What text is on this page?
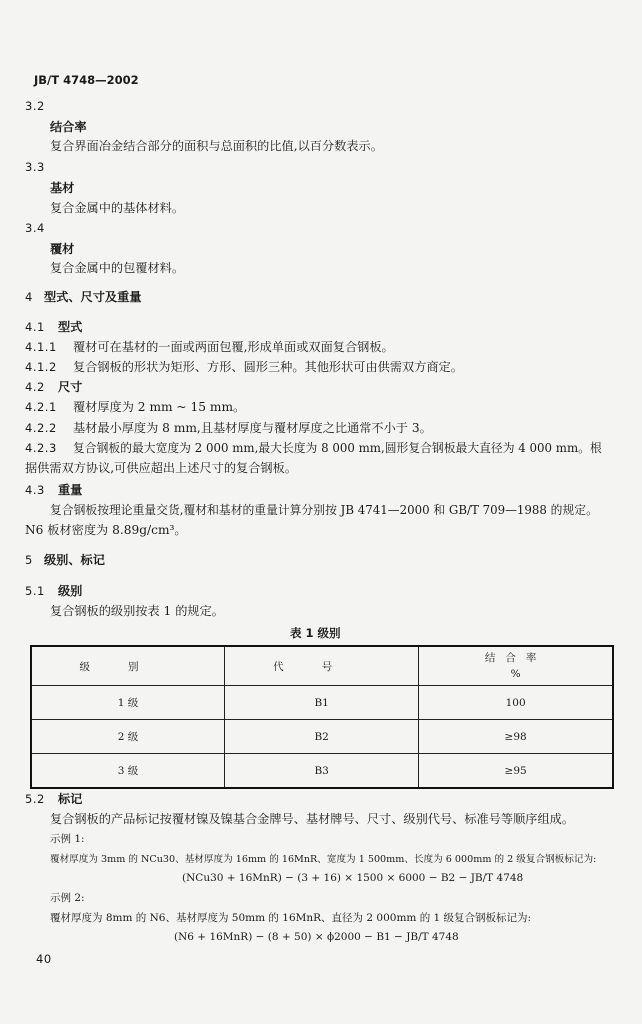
JB/T 4748—2002
3.2
结合率
复合界面冶金结合部分的面积与总面积的比值,以百分数表示。
3.3
基材
复合金属中的基体材料。
3.4
覆材
复合金属中的包覆材料。
4 型式、尺寸及重量
4.1 型式
4.1.1 覆材可在基材的一面或两面包覆,形成单面或双面复合钢板。
4.1.2 复合钢板的形状为矩形、方形、圆形三种。其他形状可由供需双方商定。
4.2 尺寸
4.2.1 覆材厚度为 2 mm ~ 15 mm。
4.2.2 基材最小厚度为 8 mm,且基材厚度与覆材厚度之比通常不小于 3。
4.2.3 复合钢板的最大宽度为 2 000 mm,最大长度为 8 000 mm,圆形复合钢板最大直径为 4 000 mm。根
据供需双方协议,可供应超出上述尺寸的复合钢板。
4.3 重量
复合钢板按理论重量交货,覆材和基材的重量计算分别按 JB 4741—2000 和 GB/T 709—1988 的规定。
N6 板材密度为 8.89g/cm³。
5 级别、标记
5.1 级别
复合钢板的级别按表 1 的规定。
表 1 级别
级别	代号	结合率
%

1 级	B1	100
2 级	B2	≥98
3 级	B3	≥95
5.2 标记
复合钢板的产品标记按覆材镍及镍基合金牌号、基材牌号、尺寸、级别代号、标准号等顺序组成。
示例 1:
覆材厚度为 3mm 的 NCu30、基材厚度为 16mm 的 16MnR、宽度为 1 500mm、长度为 6 000mm 的 2 级复合钢板标记为:
(NCu30 + 16MnR) − (3 + 16) × 1500 × 6000 − B2 − JB/T 4748
示例 2:
覆材厚度为 8mm 的 N6、基材厚度为 50mm 的 16MnR、直径为 2 000mm 的 1 级复合钢板标记为:
(N6 + 16MnR) − (8 + 50) × ϕ2000 − B1 − JB/T 4748
40
